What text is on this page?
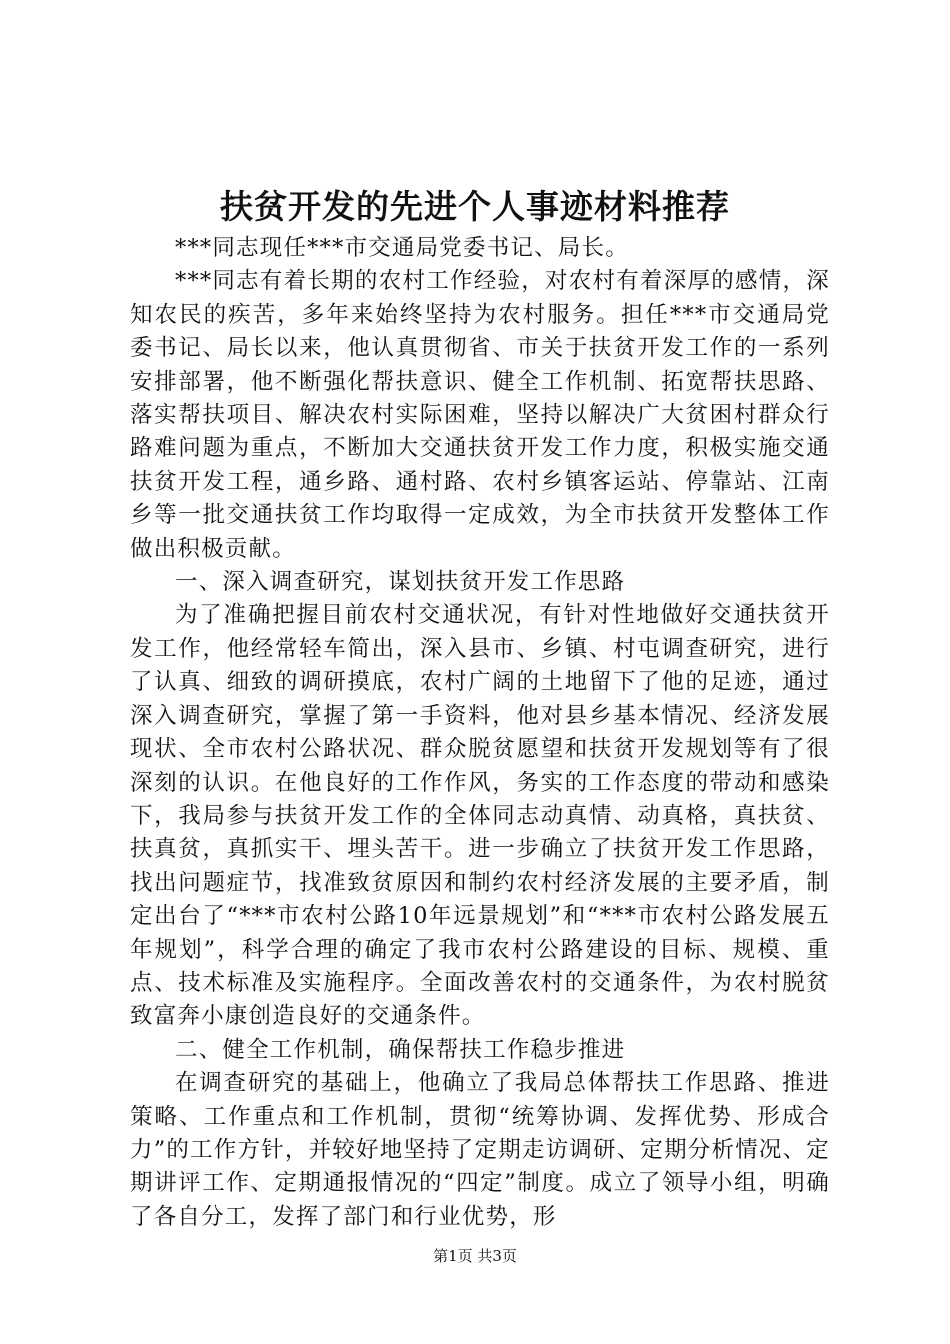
扶贫开发的先进个人事迹材料推荐

***同志现任***市交通局党委书记、局长。

***同志有着长期的农村工作经验，对农村有着深厚的感情，深知农民的疾苦，多年来始终坚持为农村服务。担任***市交通局党委书记、局长以来，他认真贯彻省、市关于扶贫开发工作的一系列安排部署，他不断强化帮扶意识、健全工作机制、拓宽帮扶思路、落实帮扶项目、解决农村实际困难，坚持以解决广大贫困村群众行路难问题为重点，不断加大交通扶贫开发工作力度，积极实施交通扶贫开发工程，通乡路、通村路、农村乡镇客运站、停靠站、江南乡等一批交通扶贫工作均取得一定成效，为全市扶贫开发整体工作做出积极贡献。

一、深入调查研究，谋划扶贫开发工作思路

为了准确把握目前农村交通状况，有针对性地做好交通扶贫开发工作，他经常轻车简出，深入县市、乡镇、村屯调查研究，进行了认真、细致的调研摸底，农村广阔的土地留下了他的足迹，通过深入调查研究，掌握了第一手资料，他对县乡基本情况、经济发展现状、全市农村公路状况、群众脱贫愿望和扶贫开发规划等有了很深刻的认识。在他良好的工作作风，务实的工作态度的带动和感染下，我局参与扶贫开发工作的全体同志动真情、动真格，真扶贫、扶真贫，真抓实干、埋头苦干。进一步确立了扶贫开发工作思路，找出问题症节，找准致贫原因和制约农村经济发展的主要矛盾，制定出台了“***市农村公路10年远景规划”和“***市农村公路发展五年规划”，科学合理的确定了我市农村公路建设的目标、规模、重点、技术标准及实施程序。全面改善农村的交通条件，为农村脱贫致富奔小康创造良好的交通条件。

二、健全工作机制，确保帮扶工作稳步推进

在调查研究的基础上，他确立了我局总体帮扶工作思路、推进策略、工作重点和工作机制，贯彻“统筹协调、发挥优势、形成合力”的工作方针，并较好地坚持了定期走访调研、定期分析情况、定期讲评工作、定期通报情况的“四定”制度。成立了领导小组，明确了各自分工，发挥了部门和行业优势，形

第1页 共3页
